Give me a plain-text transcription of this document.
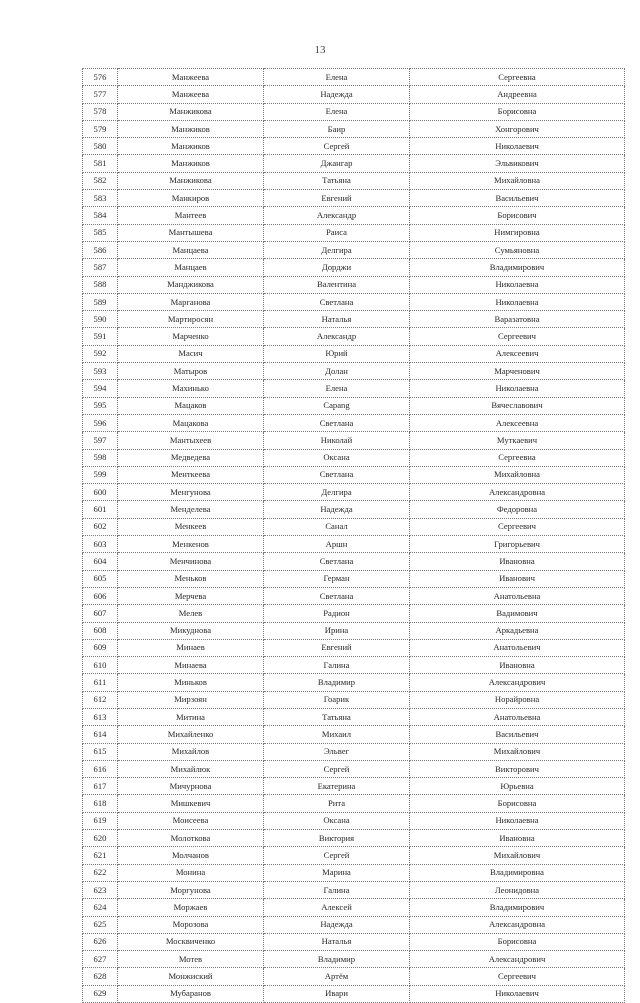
13
576	Манжеева	Елена	Сергеевна
577	Манжеева	Надежда	Андреевна
578	Манжикова	Елена	Борисовна
579	Манжиков	Баир	Хонгорович
580	Манжиков	Сергей	Николаевич
581	Манжиков	Джангар	Эльвикович
582	Манжикова	Татьяна	Михайловна
583	Манкиров	Евгений	Васильевич
584	Мантеев	Александр	Борисович
585	Мантышева	Раиса	Нимгировна
586	Манцаева	Делгира	Сумьяновна
587	Манцаев	Дорджи	Владимирович
588	Манджикова	Валентина	Николаевна
589	Марганова	Светлана	Николаевна
590	Мартиросян	Наталья	Варазатовна
591	Марченко	Александр	Сергеевич
592	Масич	Юрий	Алексеевич
593	Матыров	Долан	Марченович
594	Махинько	Елена	Николаевна
595	Мацаков	Сарang	Вячеславович
596	Мацакова	Светлана	Алексеевна
597	Мантыхеев	Николай	Муткаевич
598	Медведева	Оксана	Сергеевна
599	Менткеева	Светлана	Михайловна
600	Менгунова	Делгира	Александровна
601	Менделева	Надежда	Федоровна
602	Менкеев	Санал	Сергеевич
603	Менкенов	Аршн	Григорьевич
604	Менчинова	Светлана	Ивановна
605	Меньков	Герман	Иванович
606	Мерчева	Светлана	Анатольевна
607	Мелев	Радион	Вадимович
608	Микуднова	Ирина	Аркадьевна
609	Минаев	Евгений	Анатольевич
610	Минаева	Галина	Ивановна
611	Миньков	Владимир	Александрович
612	Мирзоян	Гоарик	Норайровна
613	Митина	Татьяна	Анатольевна
614	Михайленко	Михаил	Васильевич
615	Михайлов	Эльвег	Михайлович
616	Михайлюк	Сергей	Викторович
617	Мичурнова	Екатерина	Юрьевна
618	Мишкевич	Рита	Борисовна
619	Моисеева	Оксана	Николаевна
620	Молоткова	Виктория	Ивановна
621	Молчанов	Сергей	Михайлович
622	Монина	Марина	Владимировна
623	Моргунова	Галина	Леонидовна
624	Моржаев	Алексей	Владимирович
625	Морозова	Надежда	Александровна
626	Москвиченко	Наталья	Борисовна
627	Мотев	Владимир	Александрович
628	Монжиский	Артём	Сергеевич
629	Мубаранов	Ивари	Николаевич
